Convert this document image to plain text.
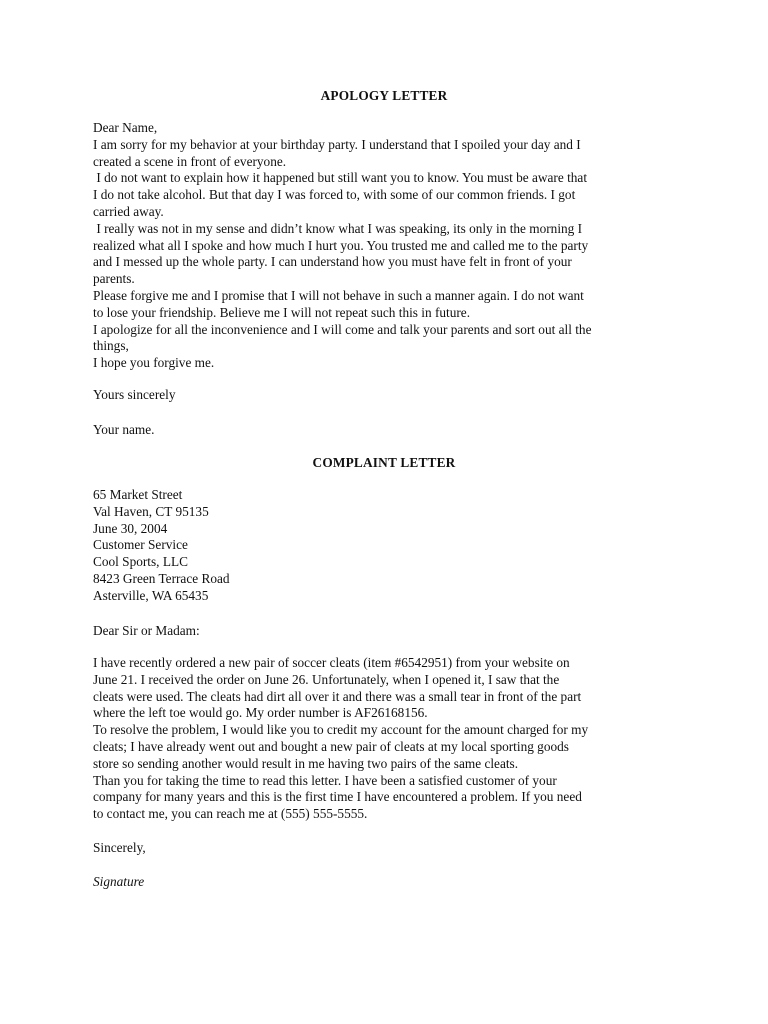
APOLOGY LETTER
Dear Name,
I am sorry for my behavior at your birthday party. I understand that I spoiled your day and I
created a scene in front of everyone.
I do not want to explain how it happened but still want you to know. You must be aware that
I do not take alcohol. But that day I was forced to, with some of our common friends. I got
carried away.
I really was not in my sense and didn’t know what I was speaking, its only in the morning I
realized what all I spoke and how much I hurt you. You trusted me and called me to the party
and I messed up the whole party. I can understand how you must have felt in front of your
parents.
Please forgive me and I promise that I will not behave in such a manner again. I do not want
to lose your friendship. Believe me I will not repeat such this in future.
I apologize for all the inconvenience and I will come and talk your parents and sort out all the
things,
I hope you forgive me.
Yours sincerely
Your name.
COMPLAINT LETTER
65 Market Street
Val Haven, CT 95135
June 30, 2004
Customer Service
Cool Sports, LLC
8423 Green Terrace Road
Asterville, WA 65435
Dear Sir or Madam:
I have recently ordered a new pair of soccer cleats (item #6542951) from your website on
June 21. I received the order on June 26. Unfortunately, when I opened it, I saw that the
cleats were used. The cleats had dirt all over it and there was a small tear in front of the part
where the left toe would go. My order number is AF26168156.
To resolve the problem, I would like you to credit my account for the amount charged for my
cleats; I have already went out and bought a new pair of cleats at my local sporting goods
store so sending another would result in me having two pairs of the same cleats.
Than you for taking the time to read this letter. I have been a satisfied customer of your
company for many years and this is the first time I have encountered a problem. If you need
to contact me, you can reach me at (555) 555-5555.
Sincerely,
Signature
